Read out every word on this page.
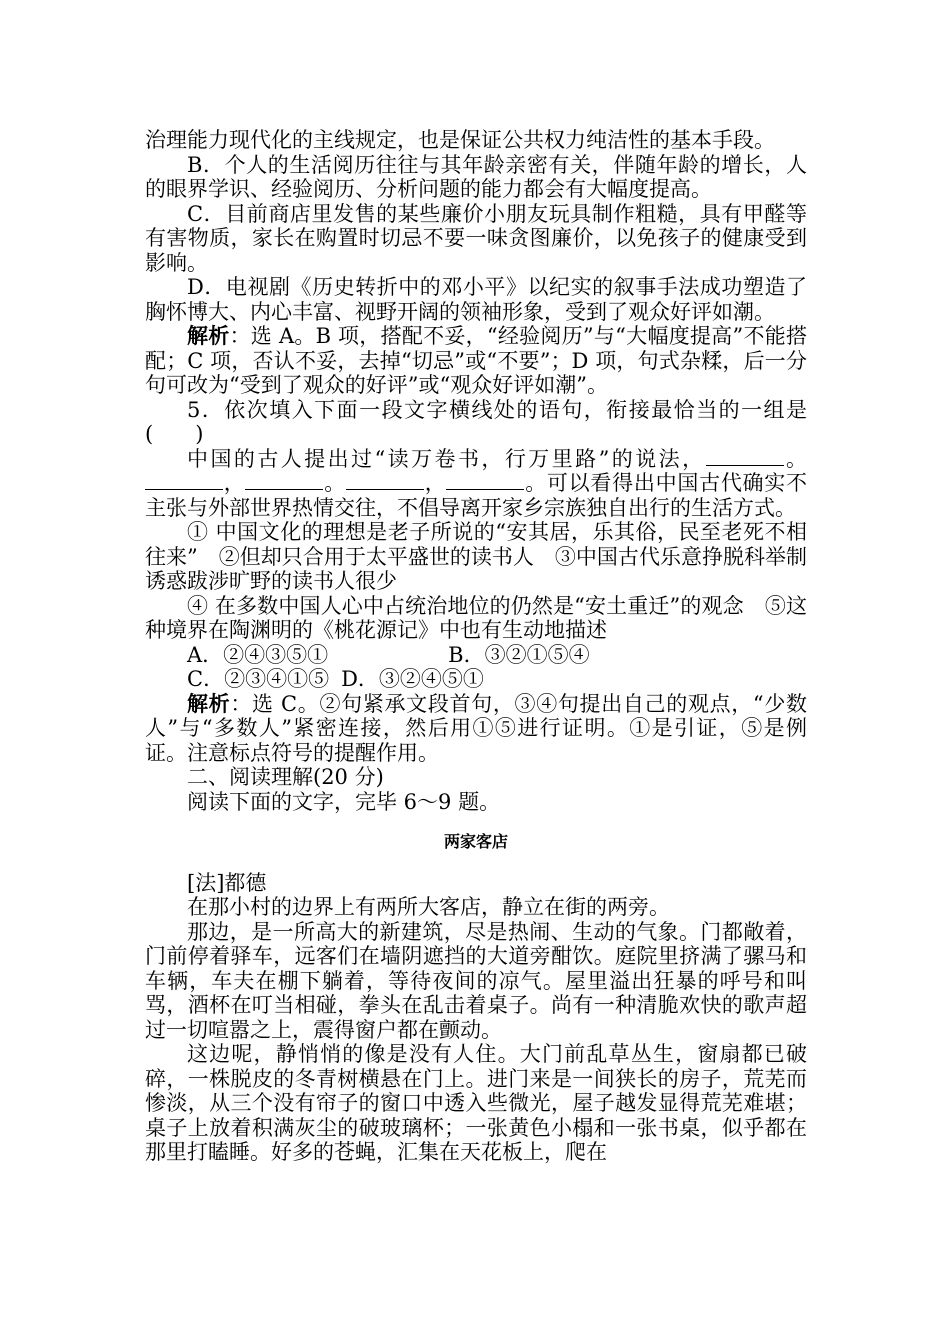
治理能力现代化的主线规定，也是保证公共权力纯洁性的基本手段。

B．个人的生活阅历往往与其年龄亲密有关，伴随年龄的增长，人的眼界学识、经验阅历、分析问题的能力都会有大幅度提高。

C．目前商店里发售的某些廉价小朋友玩具制作粗糙，具有甲醛等有害物质，家长在购置时切忌不要一味贪图廉价，以免孩子的健康受到影响。

D．电视剧《历史转折中的邓小平》以纪实的叙事手法成功塑造了胸怀博大、内心丰富、视野开阔的领袖形象，受到了观众好评如潮。

解析：选 A。B 项，搭配不妥，“经验阅历”与“大幅度提高”不能搭配；C 项，否认不妥，去掉“切忌”或“不要”；D 项，句式杂糅，后一分句可改为“受到了观众的好评”或“观众好评如潮”。

5．依次填入下面一段文字横线处的语句，衔接最恰当的一组是(　　)

中国的古人提出过“读万卷书，行万里路”的说法，	。，	。	，	。可以看得出中国古代确实不主张与外部世界热情交往，不倡导离开家乡宗族独自出行的生活方式。

① 中国文化的理想是老子所说的“安其居，乐其俗，民至老死不相往来”　②但却只合用于太平盛世的读书人　③中国古代乐意挣脱科举制诱惑跋涉旷野的读书人很少

④ 在多数中国人心中占统治地位的仍然是“安土重迁”的观念　⑤这种境界在陶渊明的《桃花源记》中也有生动地描述

A．②④③⑤①	B．③②①⑤④

C．②③④①⑤ D．③②④⑤①

解析：选 C。②句紧承文段首句，③④句提出自己的观点，“少数人”与“多数人”紧密连接，然后用①⑤进行证明。①是引证，⑤是例证。注意标点符号的提醒作用。

二、阅读理解(20 分)

阅读下面的文字，完毕 6～9 题。

两家客店

[法]都德

在那小村的边界上有两所大客店，静立在街的两旁。

那边，是一所高大的新建筑，尽是热闹、生动的气象。门都敞着，门前停着驿车，远客们在墙阴遮挡的大道旁酣饮。庭院里挤满了骡马和车辆，车夫在棚下躺着，等待夜间的凉气。屋里溢出狂暴的呼号和叫骂，酒杯在叮当相碰，拳头在乱击着桌子。尚有一种清脆欢快的歌声超过一切喧嚣之上，震得窗户都在颤动。

这边呢，静悄悄的像是没有人住。大门前乱草丛生，窗扇都已破碎，一株脱皮的冬青树横悬在门上。进门来是一间狭长的房子，荒芜而惨淡，从三个没有帘子的窗口中透入些微光，屋子越发显得荒芜难堪；桌子上放着积满灰尘的破玻璃杯；一张黄色小榻和一张书桌，似乎都在那里打瞌睡。好多的苍蝇，汇集在天花板上，爬在
